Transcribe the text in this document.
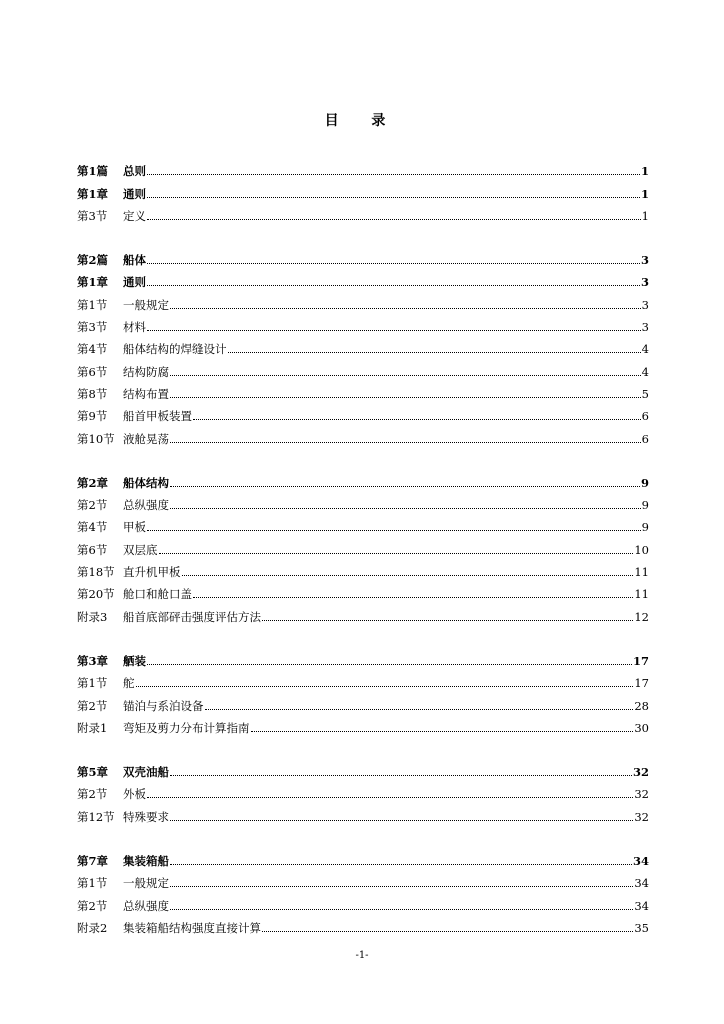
目 录
第1篇	总则	1
第1章	通则	1
第3节	定义	1
第2篇	船体	3
第1章	通则	3
第1节	一般规定	3
第3节	材料	3
第4节	船体结构的焊缝设计	4
第6节	结构防腐	4
第8节	结构布置	5
第9节	船首甲板装置	6
第10节 液舱晃荡	6
第2章	船体结构	9
第2节	总纵强度	9
第4节	甲板	9
第6节	双层底	10
第18节 直升机甲板	11
第20节 舱口和舱口盖	11
附录3	船首底部砰击强度评估方法	12
第3章	舾装	17
第1节	舵	17
第2节	锚泊与系泊设备	28
附录1	弯矩及剪力分布计算指南	30
第5章	双壳油船	32
第2节	外板	32
第12节 特殊要求	32
第7章	集装箱船	34
第1节	一般规定	34
第2节	总纵强度	34
附录2	集装箱船结构强度直接计算	35
-1-
